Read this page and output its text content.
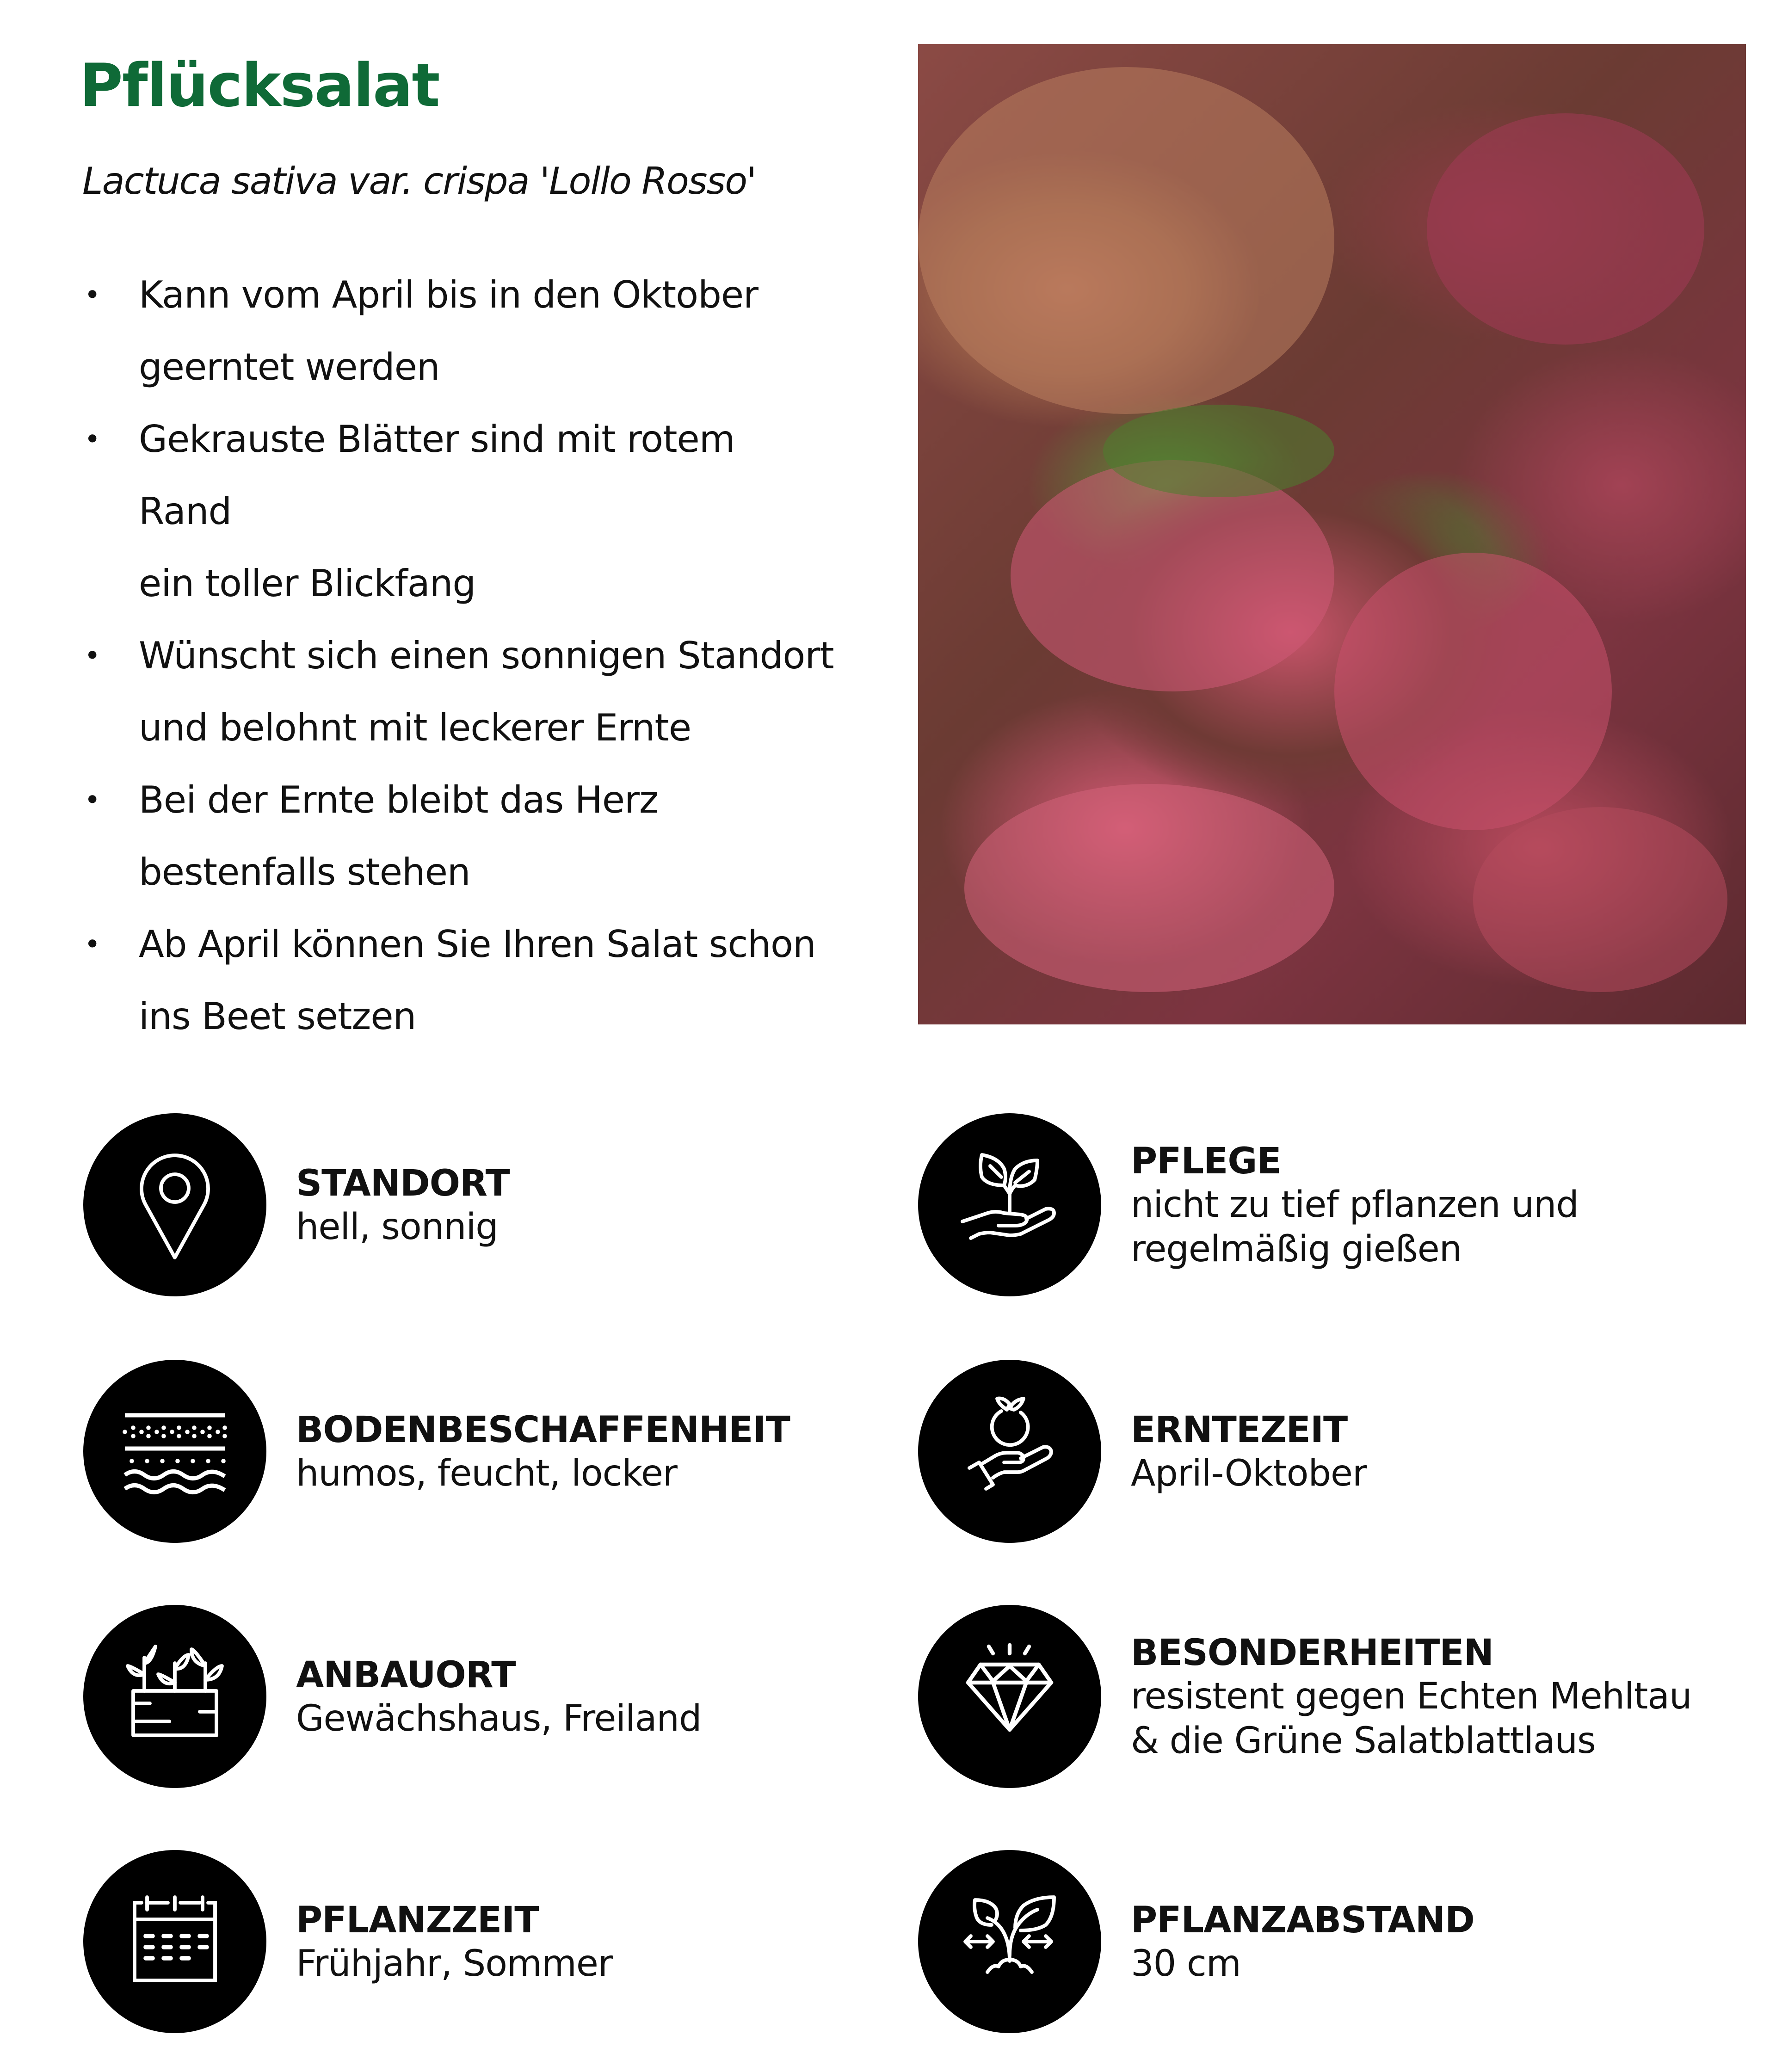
Pflücksalat

Lactuca sativa var. crispa 'Lollo Rosso'

• Kann vom April bis in den Oktober
geerntet werden
• Gekrauste Blätter sind mit rotem Rand
ein toller Blickfang
• Wünscht sich einen sonnigen Standort
und belohnt mit leckerer Ernte
• Bei der Ernte bleibt das Herz
bestenfalls stehen
• Ab April können Sie Ihren Salat schon
ins Beet setzen
STANDORT
hell, sonnig
BODENBESCHAFFENHEIT
humos, feucht, locker
ANBAUORT
Gewächshaus, Freiland
PFLANZZEIT
Frühjahr, Sommer
PFLEGE
nicht zu tief pflanzen und
regelmäßig gießen
ERNTEZEIT
April-Oktober
BESONDERHEITEN
resistent gegen Echten Mehltau
& die Grüne Salatblattlaus
PFLANZABSTAND
30 cm
